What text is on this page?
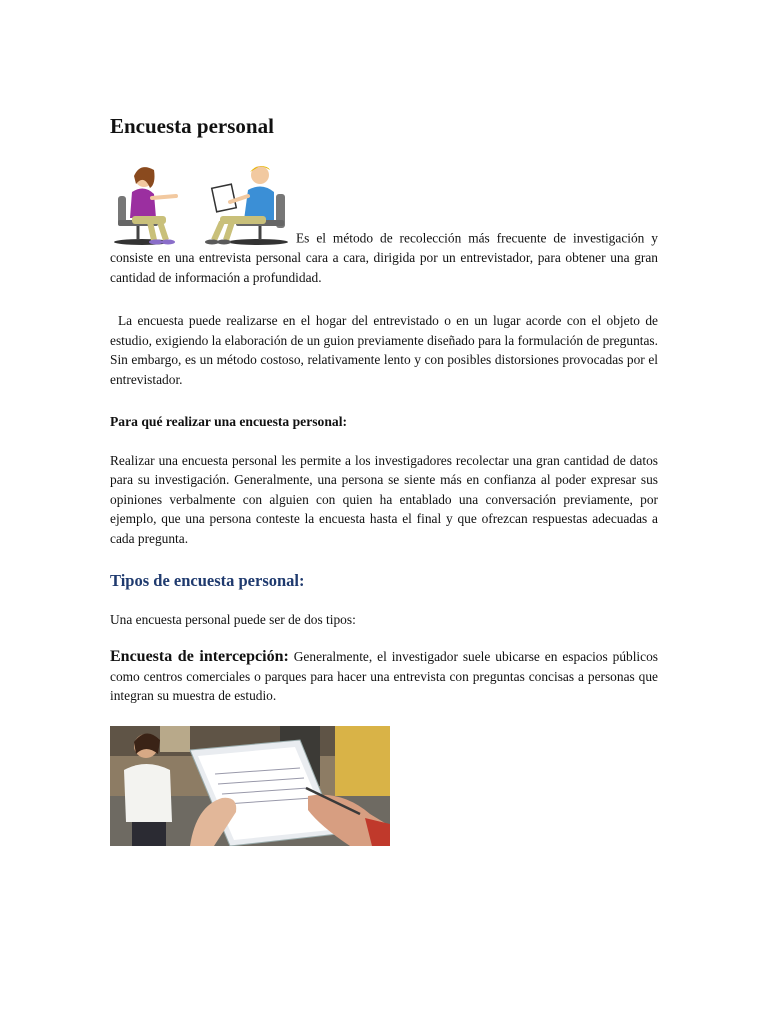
Encuesta personal

Es el método de recolección más frecuente de investigación y consiste en una entrevista personal cara a cara, dirigida por un entrevistador, para obtener una gran cantidad de información a profundidad.

La encuesta puede realizarse en el hogar del entrevistado o en un lugar acorde con el objeto de estudio, exigiendo la elaboración de un guion previamente diseñado para la formulación de preguntas. Sin embargo, es un método costoso, relativamente lento y con posibles distorsiones provocadas por el entrevistador.

Para qué realizar una encuesta personal:

Realizar una encuesta personal les permite a los investigadores recolectar una gran cantidad de datos para su investigación. Generalmente, una persona se siente más en confianza al poder expresar sus opiniones verbalmente con alguien con quien ha entablado una conversación previamente, por ejemplo, que una persona conteste la encuesta hasta el final y que ofrezcan respuestas adecuadas a cada pregunta.

Tipos de encuesta personal:

Una encuesta personal puede ser de dos tipos:

Encuesta de intercepción: Generalmente, el investigador suele ubicarse en espacios públicos como centros comerciales o parques para hacer una entrevista con preguntas concisas a personas que integran su muestra de estudio.
